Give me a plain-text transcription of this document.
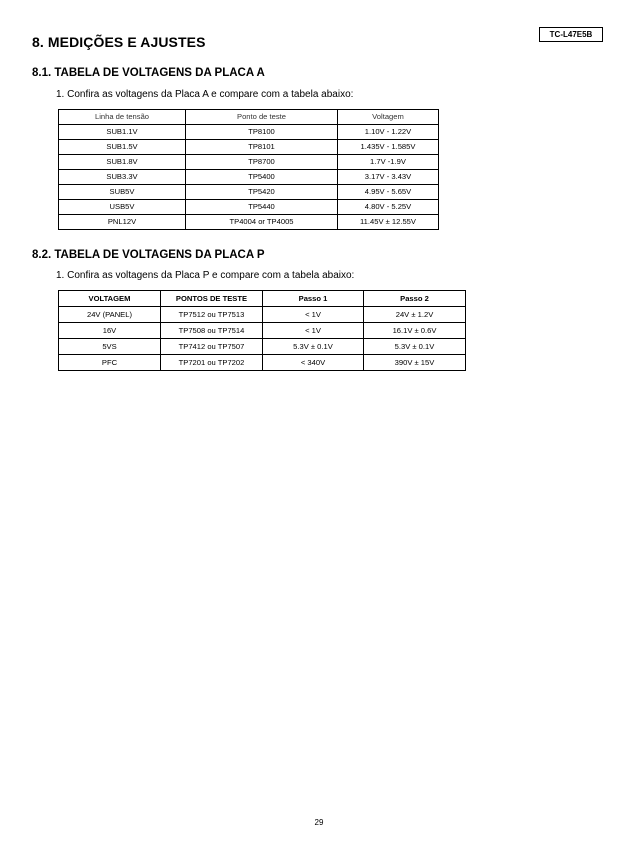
TC-L47E5B
8. MEDIÇÕES E AJUSTES
8.1. TABELA DE VOLTAGENS DA PLACA A

1. Confira as voltagens da Placa A e compare com a tabela abaixo:

Linha de tensão	Ponto de teste	Voltagem
SUB1.1V	TP8100	1.10V - 1.22V
SUB1.5V	TP8101	1.435V - 1.585V
SUB1.8V	TP8700	1.7V -1.9V
SUB3.3V	TP5400	3.17V - 3.43V
SUB5V	TP5420	4.95V - 5.65V
USB5V	TP5440	4.80V - 5.25V
PNL12V	TP4004 or TP4005	11.45V ± 12.55V
8.2. TABELA DE VOLTAGENS DA PLACA P

1. Confira as voltagens da Placa P e compare com a tabela abaixo:

VOLTAGEM	PONTOS DE TESTE	Passo 1	Passo 2
24V (PANEL)	TP7512 ou TP7513	< 1V	24V ± 1.2V
16V	TP7508 ou TP7514	< 1V	16.1V ± 0.6V
5VS	TP7412 ou TP7507	5.3V ± 0.1V	5.3V ± 0.1V
PFC	TP7201 ou TP7202	< 340V	390V ± 15V

29
